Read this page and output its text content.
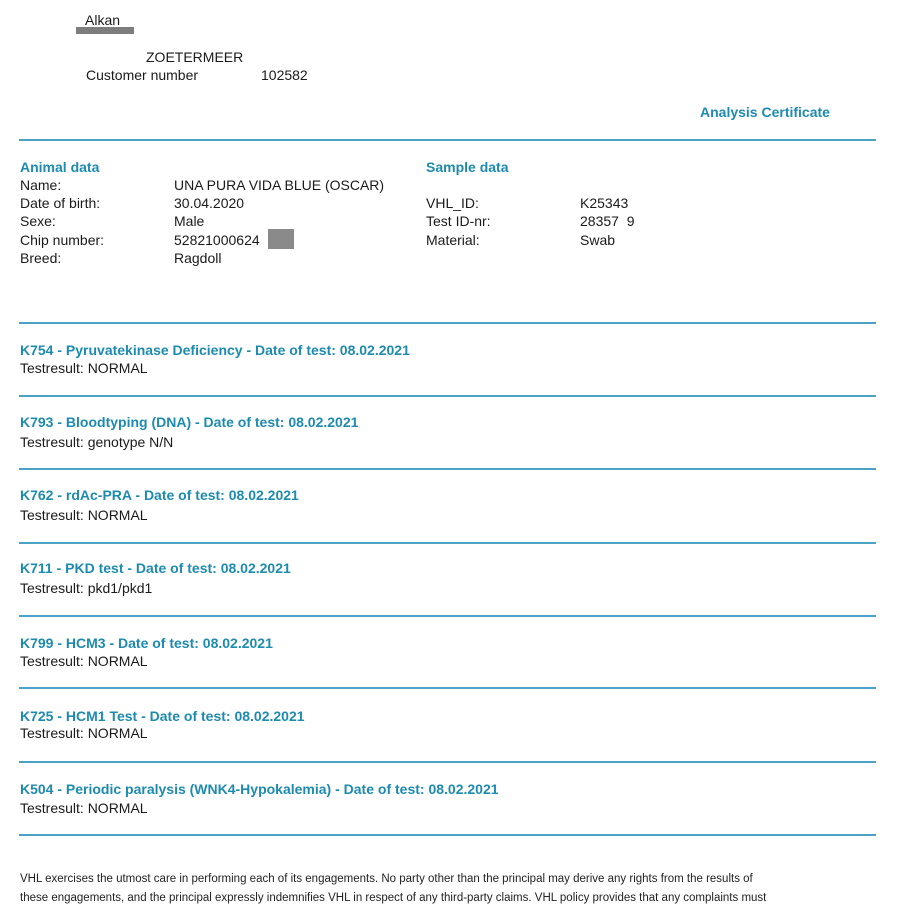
Alkan
ZOETERMEER
Customer number	102582
Analysis Certificate
Animal data
Name:	UNA PURA VIDA BLUE (OSCAR)
Date of birth:	30.04.2020
Sexe:	Male
Chip number:	52821000624
Breed:	Ragdoll
Sample data
VHL_ID:	K25343
Test ID-nr:	28357  9
Material:	Swab
K754 - Pyruvatekinase Deficiency - Date of test: 08.02.2021
Testresult: NORMAL
K793 - Bloodtyping (DNA) - Date of test: 08.02.2021
Testresult: genotype N/N
K762 - rdAc-PRA - Date of test: 08.02.2021
Testresult: NORMAL
K711 - PKD test - Date of test: 08.02.2021
Testresult: pkd1/pkd1
K799 - HCM3 - Date of test: 08.02.2021
Testresult: NORMAL
K725 - HCM1 Test - Date of test: 08.02.2021
Testresult: NORMAL
K504 - Periodic paralysis (WNK4-Hypokalemia) - Date of test: 08.02.2021
Testresult: NORMAL
VHL exercises the utmost care in performing each of its engagements. No party other than the principal may derive any rights from the results of
these engagements, and the principal expressly indemnifies VHL in respect of any third-party claims. VHL policy provides that any complaints must
